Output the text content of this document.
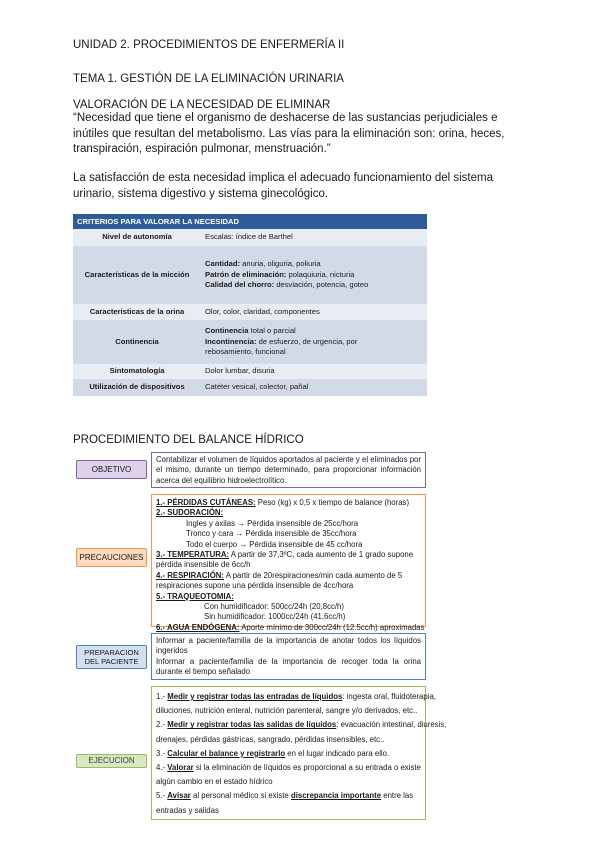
UNIDAD 2. PROCEDIMIENTOS DE ENFERMERÍA II
TEMA 1. GESTIÓN DE LA ELIMINACIÓN URINARIA
VALORACIÓN DE LA NECESIDAD DE ELIMINAR
“Necesidad que tiene el organismo de deshacerse de las sustancias perjudiciales e inútiles que resultan del metabolismo. Las vías para la eliminación son: orina, heces, transpiración, espiración pulmonar, menstruación.”
La satisfacción de esta necesidad implica el adecuado funcionamiento del sistema urinario, sistema digestivo y sistema ginecológico.
CRITERIOS PARA VALORAR LA NECESIDAD	
Nivel de autonomía	Escalas: índice de Barthel

Características de la micción	Cantidad: anuria, oliguria, poliuria
Patrón de eliminación: polaquiuria, nicturia
Calidad del chorro: desviación, potencia, goteo

Características de la orina	Olor, color, claridad, componentes

Continencia	Continencia total o parcial
Incontinencia: de esfuerzo, de urgencia, por
rebosamiento, funcional

Sintomatología	Dolor lumbar, disuria

Utilización de dispositivos	Catéter vesical, colector, pañal
PROCEDIMIENTO DEL BALANCE HÍDRICO
OBJETIVO
Contabilizar el volumen de líquidos aportados al paciente y el eliminados por el mismo, durante un tiempo determinado, para proporcionar información acerca del equilibrio hidroelectrolítico.
PRECAUCIONES
1.- PÉRDIDAS CUTÁNEAS: Peso (kg) x 0,5 x tiempo de balance (horas)
2.- SUDORACIÓN:
Ingles y axilas → Pérdida insensible de 25cc/hora
Tronco y cara → Pérdida insensible de 35cc/hora
Todo el cuerpo → Pérdida insensible de 45 cc/hora
3.- TEMPERATURA: A partir de 37,3ºC, cada aumento de 1 grado supone
pérdida insensible de 6cc/h
4.- RESPIRACIÓN: A partir de 20respiraciones/min cada aumento de 5
respiraciones supone una pérdida insensible de 4cc/hora
5.- TRAQUEOTOMIA:
Con humidificador: 500cc/24h (20,8cc/h)
Sin humidificador: 1000cc/24h (41,6cc/h)
6.- AGUA ENDÓGENA: Aporte mínimo de 300cc/24h (12.5cc/h) aproximadas
PREPARACION DEL PACIENTE
Informar a paciente/familia de la importancia de anotar todos los líquidos ingeridos
Informar a paciente/familia de la importancia de recoger toda la orina durante el tiempo señalado
EJECUCION
1.- Medir y registrar todas las entradas de líquidos: ingesta oral, fluidoterapia,
diluciones, nutrición enteral, nutrición parenteral, sangre y/o derivados, etc..
2.- Medir y registrar todas las salidas de líquidos: evacuación intestinal, diuresis,
drenajes, pérdidas gástricas, sangrado, pérdidas insensibles, etc..
3.- Calcular el balance y registrarlo en el lugar indicado para ello.
4.- Valorar si la eliminación de líquidos es proporcional a su entrada o existe
algún cambio en el estado hídrico
5.- Avisar al personal médico si existe discrepancia importante entre las
entradas y salidas
